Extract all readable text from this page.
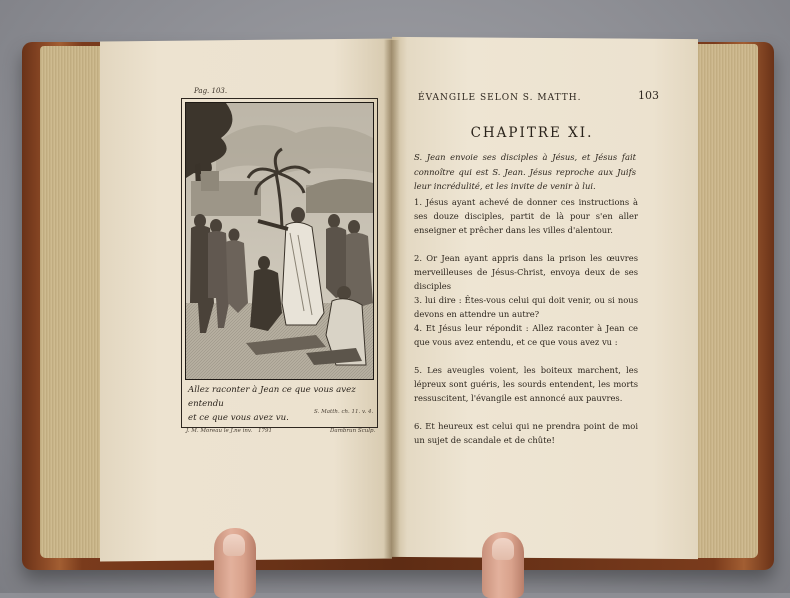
Pag. 103.
Allez raconter à Jean ce que vous avez entendu
et ce que vous avez vu.
J. M. Moreau le J.ne inv. 1791	Dambrun Sculp.
S. Matth. ch. 11. v. 4.
ÉVANGILE SELON S. MATTH.	103
CHAPITRE XI.
S. Jean envoie ses disciples à Jésus, et Jésus fait connoître qui est S. Jean. Jésus reproche aux Juifs leur incrédulité, et les invite de venir à lui.
1. Jésus ayant achevé de donner ces instructions à ses douze disciples, partit de là pour s'en aller enseigner et prêcher dans les villes d'alentour.
2. Or Jean ayant appris dans la prison les œuvres merveilleuses de Jésus-Christ, envoya deux de ses disciples
3. lui dire : Êtes-vous celui qui doit venir, ou si nous devons en attendre un autre?
4. Et Jésus leur répondit : Allez raconter à Jean ce que vous avez entendu, et ce que vous avez vu :
5. Les aveugles voient, les boiteux marchent, les lépreux sont guéris, les sourds entendent, les morts ressuscitent, l'évangile est annoncé aux pauvres.
6. Et heureux est celui qui ne prendra point de moi un sujet de scandale et de chûte!
